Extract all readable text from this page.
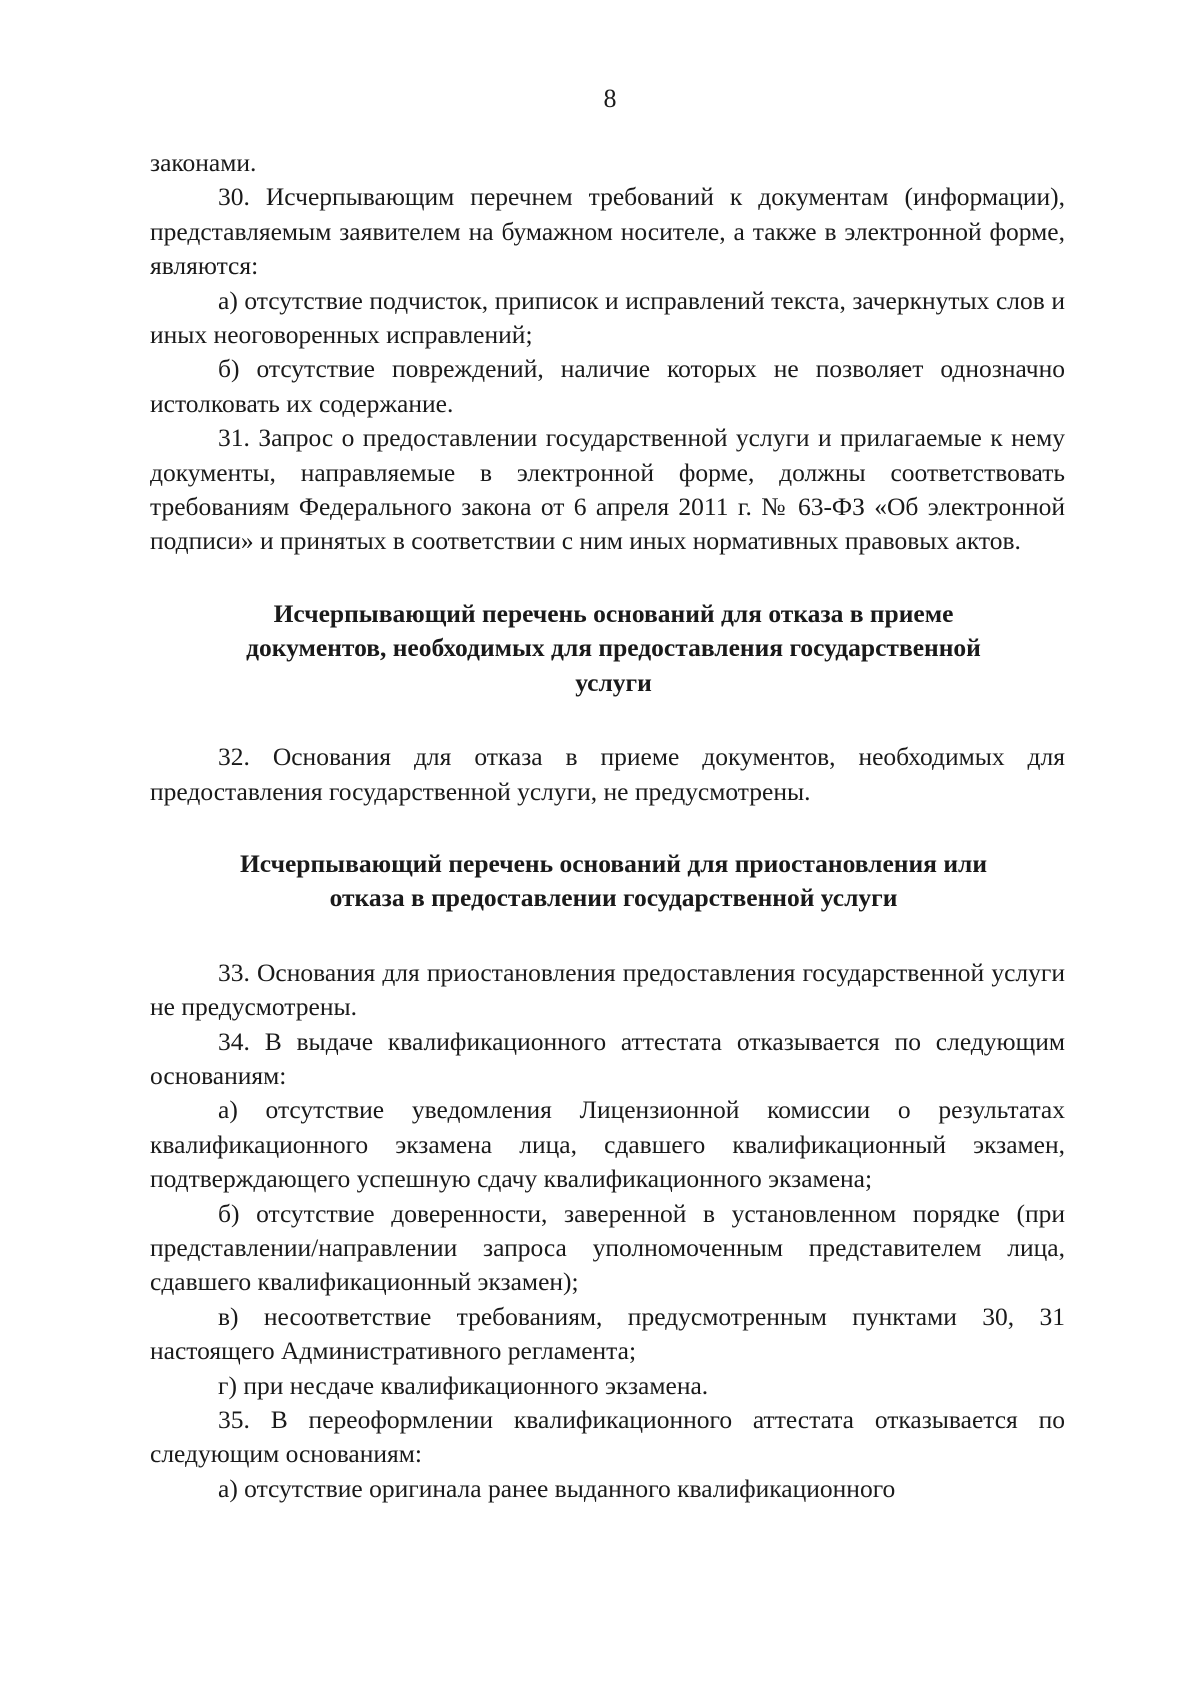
8

законами.

30. Исчерпывающим перечнем требований к документам (информации), представляемым заявителем на бумажном носителе, а также в электронной форме, являются:

а) отсутствие подчисток, приписок и исправлений текста, зачеркнутых слов и иных неоговоренных исправлений;

б) отсутствие повреждений, наличие которых не позволяет однозначно истолковать их содержание.

31. Запрос о предоставлении государственной услуги и прилагаемые к нему документы, направляемые в электронной форме, должны соответствовать требованиям Федерального закона от 6 апреля 2011 г. № 63-ФЗ «Об электронной подписи» и принятых в соответствии с ним иных нормативных правовых актов.

Исчерпывающий перечень оснований для отказа в приеме документов, необходимых для предоставления государственной услуги

32. Основания для отказа в приеме документов, необходимых для предоставления государственной услуги, не предусмотрены.

Исчерпывающий перечень оснований для приостановления или отказа в предоставлении государственной услуги

33. Основания для приостановления предоставления государственной услуги не предусмотрены.

34. В выдаче квалификационного аттестата отказывается по следующим основаниям:

а) отсутствие уведомления Лицензионной комиссии о результатах квалификационного экзамена лица, сдавшего квалификационный экзамен, подтверждающего успешную сдачу квалификационного экзамена;

б) отсутствие доверенности, заверенной в установленном порядке (при представлении/направлении запроса уполномоченным представителем лица, сдавшего квалификационный экзамен);

в) несоответствие требованиям, предусмотренным пунктами 30, 31 настоящего Административного регламента;

г) при несдаче квалификационного экзамена.

35. В переоформлении квалификационного аттестата отказывается по следующим основаниям:

а) отсутствие оригинала ранее выданного квалификационного
